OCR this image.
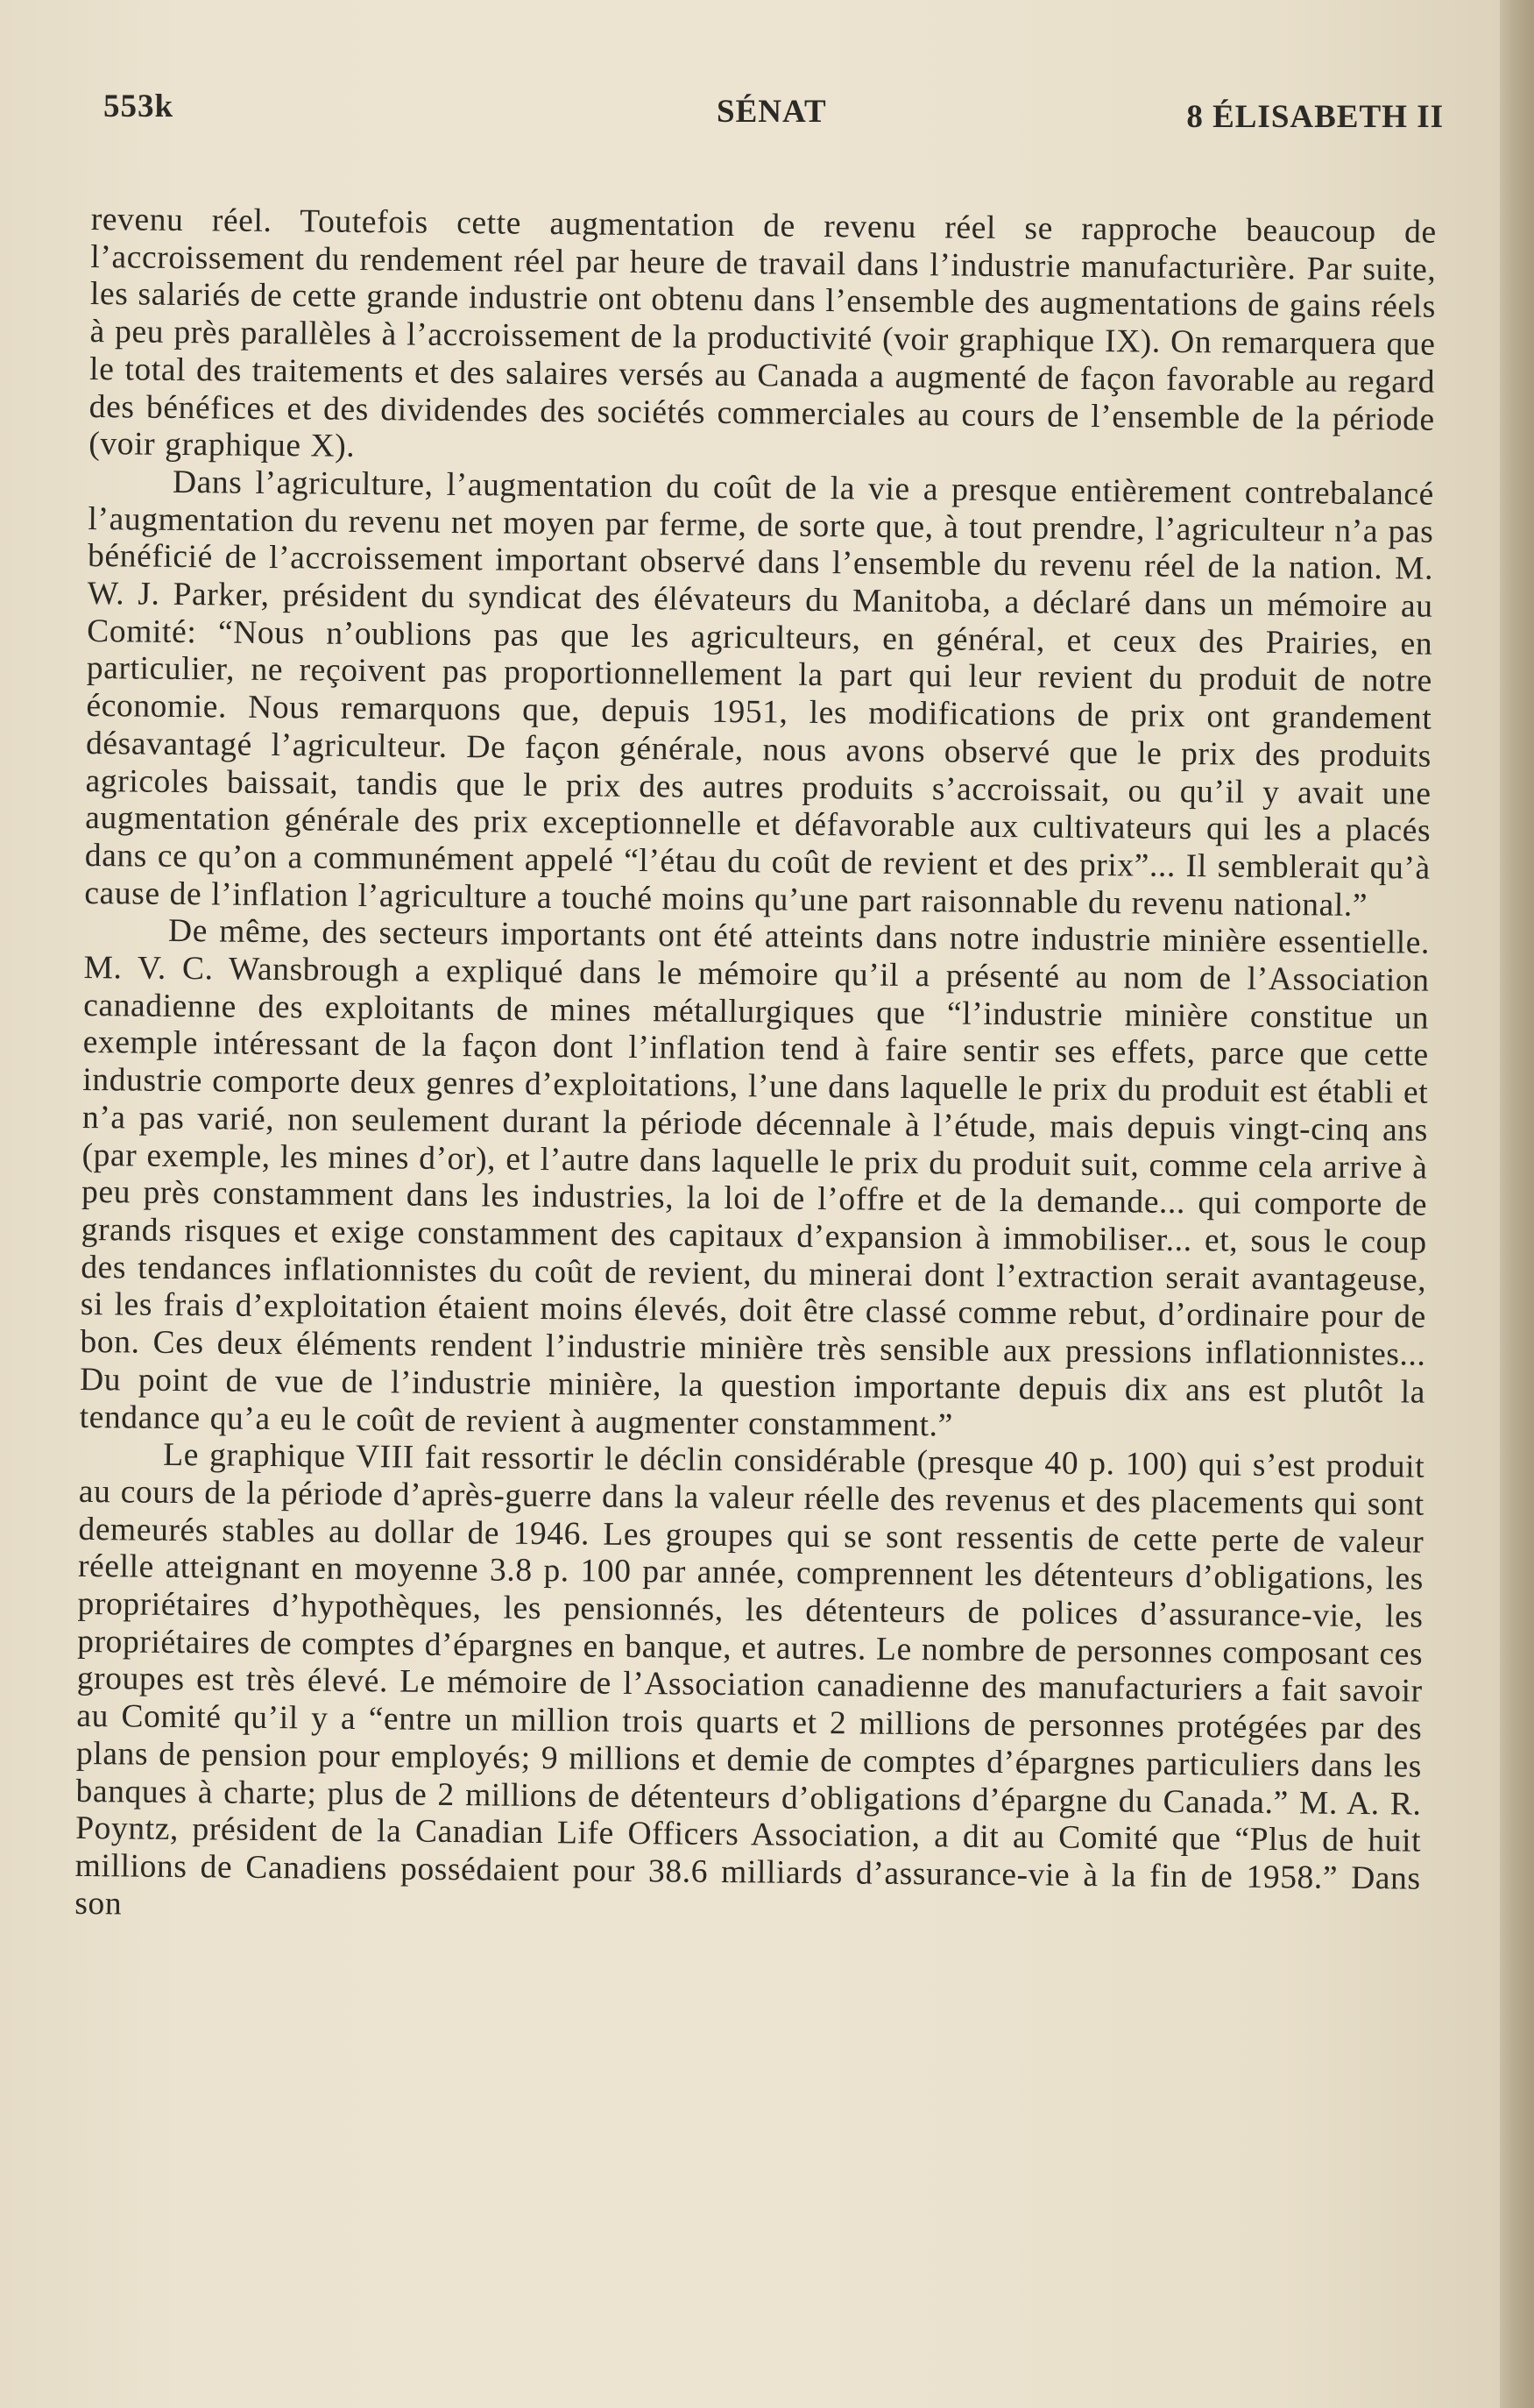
553k	SÉNAT	8 ÉLISABETH II

revenu réel. Toutefois cette augmentation de revenu réel se rapproche beaucoup de l’accroissement du rendement réel par heure de travail dans l’industrie manufacturière. Par suite, les salariés de cette grande industrie ont obtenu dans l’ensemble des augmentations de gains réels à peu près parallèles à l’accroissement de la productivité (voir graphique IX). On remarquera que le total des traitements et des salaires versés au Canada a augmenté de façon favorable au regard des bénéfices et des dividendes des sociétés commerciales au cours de l’ensemble de la période (voir graphique X).

Dans l’agriculture, l’augmentation du coût de la vie a presque entièrement contrebalancé l’augmentation du revenu net moyen par ferme, de sorte que, à tout prendre, l’agriculteur n’a pas bénéficié de l’accroissement important observé dans l’ensemble du revenu réel de la nation. M. W. J. Parker, président du syndicat des élévateurs du Manitoba, a déclaré dans un mémoire au Comité: “Nous n’oublions pas que les agriculteurs, en général, et ceux des Prairies, en particulier, ne reçoivent pas proportionnellement la part qui leur revient du produit de notre économie. Nous remarquons que, depuis 1951, les modifications de prix ont grandement désavantagé l’agriculteur. De façon générale, nous avons observé que le prix des produits agricoles baissait, tandis que le prix des autres produits s’accroissait, ou qu’il y avait une augmentation générale des prix exceptionnelle et défavorable aux cultivateurs qui les a placés dans ce qu’on a communément appelé “l’étau du coût de revient et des prix”... Il semblerait qu’à cause de l’inflation l’agriculture a touché moins qu’une part raisonnable du revenu national.”

De même, des secteurs importants ont été atteints dans notre industrie minière essentielle. M. V. C. Wansbrough a expliqué dans le mémoire qu’il a présenté au nom de l’Association canadienne des exploitants de mines métallurgiques que “l’industrie minière constitue un exemple intéressant de la façon dont l’inflation tend à faire sentir ses effets, parce que cette industrie comporte deux genres d’exploitations, l’une dans laquelle le prix du produit est établi et n’a pas varié, non seulement durant la période décennale à l’étude, mais depuis vingt-cinq ans (par exemple, les mines d’or), et l’autre dans laquelle le prix du produit suit, comme cela arrive à peu près constamment dans les industries, la loi de l’offre et de la demande... qui comporte de grands risques et exige constamment des capitaux d’expansion à immobiliser... et, sous le coup des tendances inflationnistes du coût de revient, du minerai dont l’extraction serait avantageuse, si les frais d’exploitation étaient moins élevés, doit être classé comme rebut, d’ordinaire pour de bon. Ces deux éléments rendent l’industrie minière très sensible aux pressions inflationnistes... Du point de vue de l’industrie minière, la question importante depuis dix ans est plutôt la tendance qu’a eu le coût de revient à augmenter constamment.”

Le graphique VIII fait ressortir le déclin considérable (presque 40 p. 100) qui s’est produit au cours de la période d’après-guerre dans la valeur réelle des revenus et des placements qui sont demeurés stables au dollar de 1946. Les groupes qui se sont ressentis de cette perte de valeur réelle atteignant en moyenne 3.8 p. 100 par année, comprennent les détenteurs d’obligations, les propriétaires d’hypothèques, les pensionnés, les détenteurs de polices d’assurance-vie, les propriétaires de comptes d’épargnes en banque, et autres. Le nombre de personnes composant ces groupes est très élevé. Le mémoire de l’Association canadienne des manufacturiers a fait savoir au Comité qu’il y a “entre un million trois quarts et 2 millions de personnes protégées par des plans de pension pour employés; 9 millions et demie de comptes d’épargnes particuliers dans les banques à charte; plus de 2 millions de détenteurs d’obligations d’épargne du Canada.” M. A. R. Poyntz, président de la Canadian Life Officers Association, a dit au Comité que “Plus de huit millions de Canadiens possédaient pour 38.6 milliards d’assurance-vie à la fin de 1958.” Dans son
